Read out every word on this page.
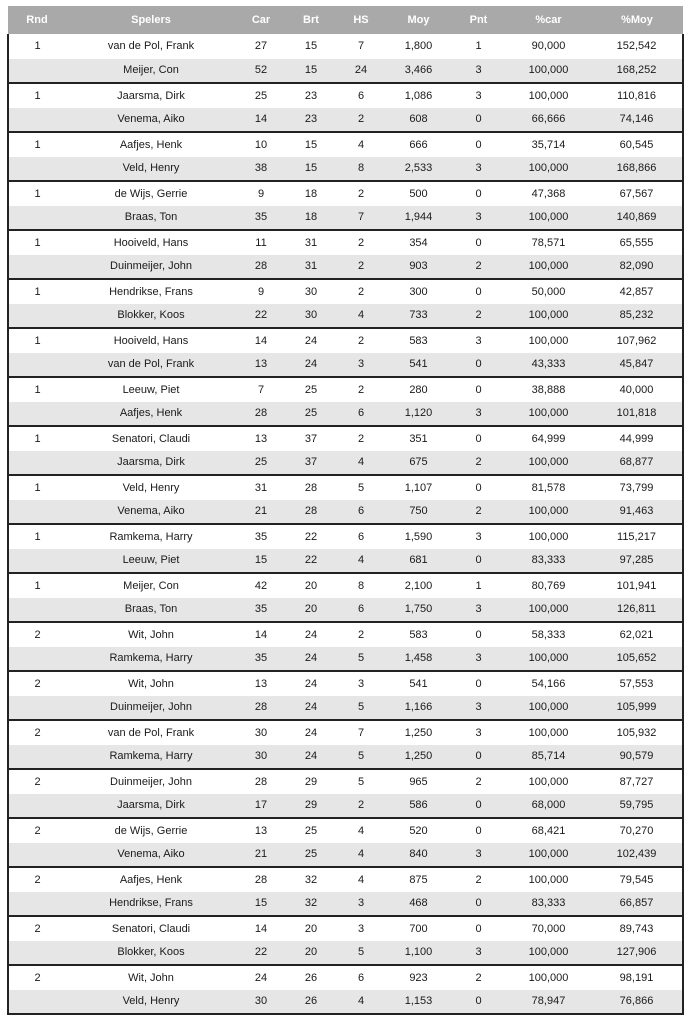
Rnd	Spelers	Car	Brt	HS	Moy	Pnt	%car	%Moy
1	van de Pol, Frank	27	15	7	1,800	1	90,000	152,542
	Meijer, Con	52	15	24	3,466	3	100,000	168,252
1	Jaarsma, Dirk	25	23	6	1,086	3	100,000	110,816
	Venema, Aiko	14	23	2	608	0	66,666	74,146
1	Aafjes, Henk	10	15	4	666	0	35,714	60,545
	Veld, Henry	38	15	8	2,533	3	100,000	168,866
1	de Wijs, Gerrie	9	18	2	500	0	47,368	67,567
	Braas, Ton	35	18	7	1,944	3	100,000	140,869
1	Hooiveld, Hans	11	31	2	354	0	78,571	65,555
	Duinmeijer, John	28	31	2	903	2	100,000	82,090
1	Hendrikse, Frans	9	30	2	300	0	50,000	42,857
	Blokker, Koos	22	30	4	733	2	100,000	85,232
1	Hooiveld, Hans	14	24	2	583	3	100,000	107,962
	van de Pol, Frank	13	24	3	541	0	43,333	45,847
1	Leeuw, Piet	7	25	2	280	0	38,888	40,000
	Aafjes, Henk	28	25	6	1,120	3	100,000	101,818
1	Senatori, Claudi	13	37	2	351	0	64,999	44,999
	Jaarsma, Dirk	25	37	4	675	2	100,000	68,877
1	Veld, Henry	31	28	5	1,107	0	81,578	73,799
	Venema, Aiko	21	28	6	750	2	100,000	91,463
1	Ramkema, Harry	35	22	6	1,590	3	100,000	115,217
	Leeuw, Piet	15	22	4	681	0	83,333	97,285
1	Meijer, Con	42	20	8	2,100	1	80,769	101,941
	Braas, Ton	35	20	6	1,750	3	100,000	126,811
2	Wit, John	14	24	2	583	0	58,333	62,021
	Ramkema, Harry	35	24	5	1,458	3	100,000	105,652
2	Wit, John	13	24	3	541	0	54,166	57,553
	Duinmeijer, John	28	24	5	1,166	3	100,000	105,999
2	van de Pol, Frank	30	24	7	1,250	3	100,000	105,932
	Ramkema, Harry	30	24	5	1,250	0	85,714	90,579
2	Duinmeijer, John	28	29	5	965	2	100,000	87,727
	Jaarsma, Dirk	17	29	2	586	0	68,000	59,795
2	de Wijs, Gerrie	13	25	4	520	0	68,421	70,270
	Venema, Aiko	21	25	4	840	3	100,000	102,439
2	Aafjes, Henk	28	32	4	875	2	100,000	79,545
	Hendrikse, Frans	15	32	3	468	0	83,333	66,857
2	Senatori, Claudi	14	20	3	700	0	70,000	89,743
	Blokker, Koos	22	20	5	1,100	3	100,000	127,906
2	Wit, John	24	26	6	923	2	100,000	98,191
	Veld, Henry	30	26	4	1,153	0	78,947	76,866
